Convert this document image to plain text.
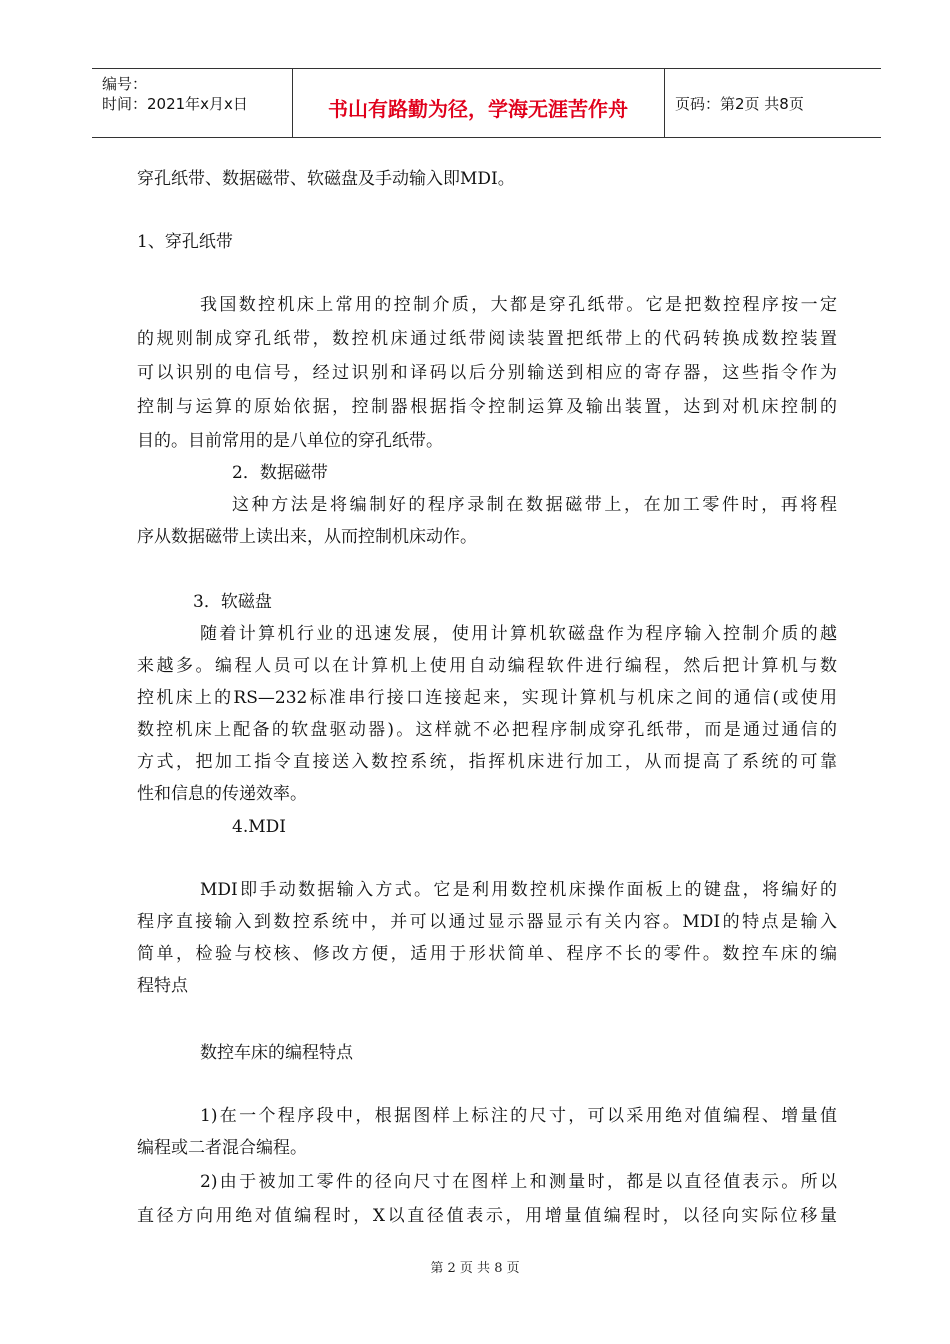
编号：
时间：2021年x月x日	书山有路勤为径，学海无涯苦作舟	页码：第2页 共8页
穿孔纸带、数据磁带、软磁盘及手动输入即MDI。
1、穿孔纸带
我国数控机床上常用的控制介质，大都是穿孔纸带。它是把数控程序按一定
的规则制成穿孔纸带，数控机床通过纸带阅读装置把纸带上的代码转换成数控装置
可以识别的电信号，经过识别和译码以后分别输送到相应的寄存器，这些指令作为
控制与运算的原始依据，控制器根据指令控制运算及输出装置，达到对机床控制的
目的。目前常用的是八单位的穿孔纸带。
2．数据磁带
这种方法是将编制好的程序录制在数据磁带上，在加工零件时，再将程
序从数据磁带上读出来，从而控制机床动作。
3．软磁盘
随着计算机行业的迅速发展，使用计算机软磁盘作为程序输入控制介质的越
来越多。编程人员可以在计算机上使用自动编程软件进行编程，然后把计算机与数
控机床上的RS—232标准串行接口连接起来，实现计算机与机床之间的通信(或使用
数控机床上配备的软盘驱动器)。这样就不必把程序制成穿孔纸带，而是通过通信的
方式，把加工指令直接送入数控系统，指挥机床进行加工，从而提高了系统的可靠
性和信息的传递效率。
4.MDI
MDI即手动数据输入方式。它是利用数控机床操作面板上的键盘，将编好的
程序直接输入到数控系统中，并可以通过显示器显示有关内容。MDI的特点是输入
简单，检验与校核、修改方便，适用于形状简单、程序不长的零件。数控车床的编
程特点
数控车床的编程特点
1)在一个程序段中，根据图样上标注的尺寸，可以采用绝对值编程、增量值
编程或二者混合编程。
2)由于被加工零件的径向尺寸在图样上和测量时，都是以直径值表示。所以
直径方向用绝对值编程时，X以直径值表示，用增量值编程时，以径向实际位移量
第 2 页 共 8 页
